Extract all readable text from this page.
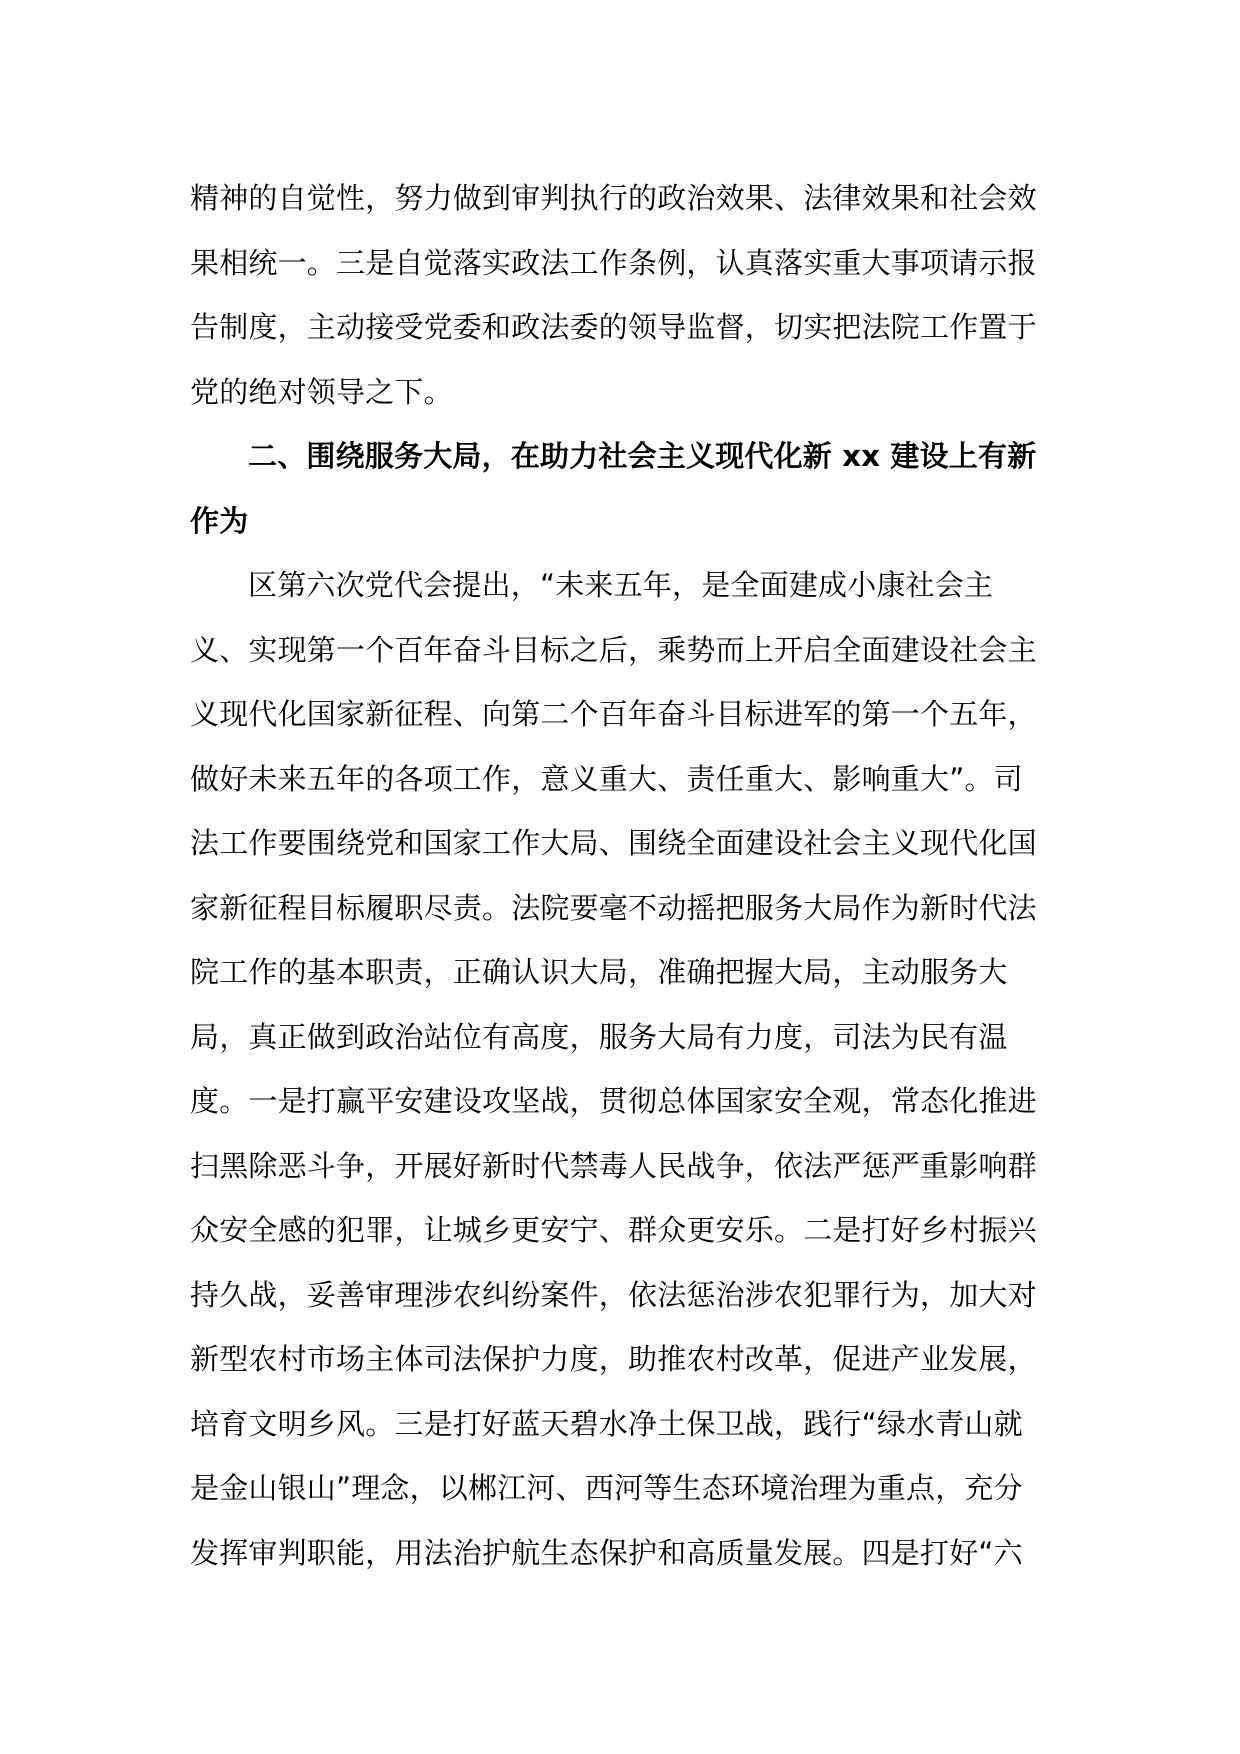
精神的自觉性，努力做到审判执行的政治效果、法律效果和社会效
果相统一。三是自觉落实政法工作条例，认真落实重大事项请示报
告制度，主动接受党委和政法委的领导监督，切实把法院工作置于
党的绝对领导之下。
二、围绕服务大局，在助力社会主义现代化新 xx 建设上有新
作为
区第六次党代会提出，“未来五年，是全面建成小康社会主
义、实现第一个百年奋斗目标之后，乘势而上开启全面建设社会主
义现代化国家新征程、向第二个百年奋斗目标进军的第一个五年，
做好未来五年的各项工作，意义重大、责任重大、影响重大”。司
法工作要围绕党和国家工作大局、围绕全面建设社会主义现代化国
家新征程目标履职尽责。法院要毫不动摇把服务大局作为新时代法
院工作的基本职责，正确认识大局，准确把握大局，主动服务大
局，真正做到政治站位有高度，服务大局有力度，司法为民有温
度。一是打赢平安建设攻坚战，贯彻总体国家安全观，常态化推进
扫黑除恶斗争，开展好新时代禁毒人民战争，依法严惩严重影响群
众安全感的犯罪，让城乡更安宁、群众更安乐。二是打好乡村振兴
持久战，妥善审理涉农纠纷案件，依法惩治涉农犯罪行为，加大对
新型农村市场主体司法保护力度，助推农村改革，促进产业发展，
培育文明乡风。三是打好蓝天碧水净土保卫战，践行“绿水青山就
是金山银山”理念，以郴江河、西河等生态环境治理为重点，充分
发挥审判职能，用法治护航生态保护和高质量发展。四是打好“六
